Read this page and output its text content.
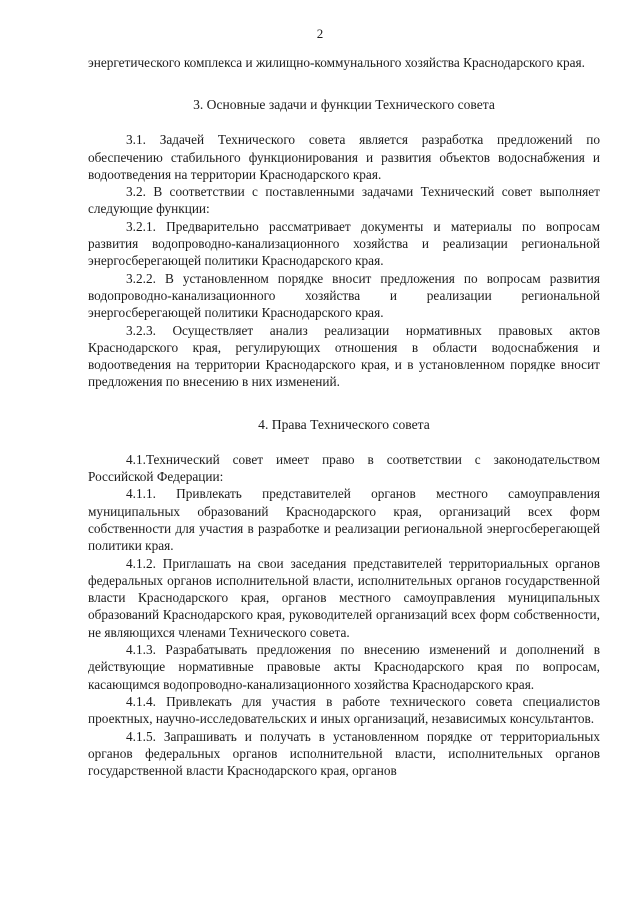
2

энергетического комплекса и жилищно-коммунального хозяйства Краснодарского края.

3. Основные задачи и функции Технического совета

3.1. Задачей Технического совета является разработка предложений по обеспечению стабильного функционирования и развития объектов водоснабжения и водоотведения на территории Краснодарского края.

3.2. В соответствии с поставленными задачами Технический совет выполняет следующие функции:

3.2.1. Предварительно рассматривает документы и материалы по вопросам развития водопроводно-канализационного хозяйства и реализации региональной энергосберегающей политики Краснодарского края.

3.2.2. В установленном порядке вносит предложения по вопросам развития водопроводно-канализационного хозяйства и реализации региональной энергосберегающей политики Краснодарского края.

3.2.3. Осуществляет анализ реализации нормативных правовых актов Краснодарского края, регулирующих отношения в области водоснабжения и водоотведения на территории Краснодарского края, и в установленном порядке вносит предложения по внесению в них изменений.

4. Права Технического совета

4.1.Технический совет имеет право в соответствии с законодательством Российской Федерации:

4.1.1. Привлекать представителей органов местного самоуправления муниципальных образований Краснодарского края, организаций всех форм собственности для участия в разработке и реализации региональной энергосберегающей политики края.

4.1.2. Приглашать на свои заседания представителей территориальных органов федеральных органов исполнительной власти, исполнительных органов государственной власти Краснодарского края, органов местного самоуправления муниципальных образований Краснодарского края, руководителей организаций всех форм собственности, не являющихся членами Технического совета.

4.1.3. Разрабатывать предложения по внесению изменений и дополнений в действующие нормативные правовые акты Краснодарского края по вопросам, касающимся водопроводно-канализационного хозяйства Краснодарского края.

4.1.4. Привлекать для участия в работе технического совета специалистов проектных, научно-исследовательских и иных организаций, независимых консультантов.

4.1.5. Запрашивать и получать в установленном порядке от территориальных органов федеральных органов исполнительной власти, исполнительных органов государственной власти Краснодарского края, органов
